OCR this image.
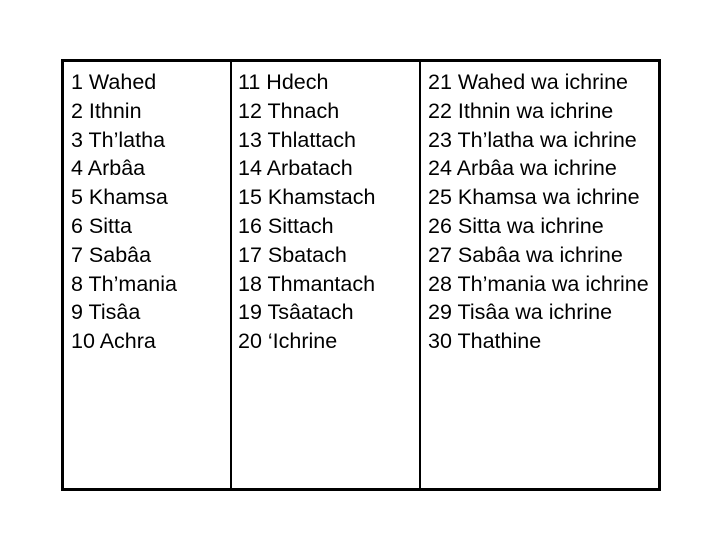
1 Wahed
2 Ithnin
3 Th’latha
4 Arbâa
5 Khamsa
6 Sitta
7 Sabâa
8 Th’mania
9 Tisâa
10 Achra
11 Hdech
12 Thnach
13 Thlattach
14 Arbatach
15 Khamstach
16 Sittach
17 Sbatach
18 Thmantach
19 Tsâatach
20 ‘Ichrine
21 Wahed wa ichrine
22 Ithnin wa ichrine
23 Th’latha wa ichrine
24 Arbâa wa ichrine
25 Khamsa wa ichrine
26 Sitta wa ichrine
27 Sabâa wa ichrine
28 Th’mania wa ichrine
29 Tisâa wa ichrine
30 Thathine
